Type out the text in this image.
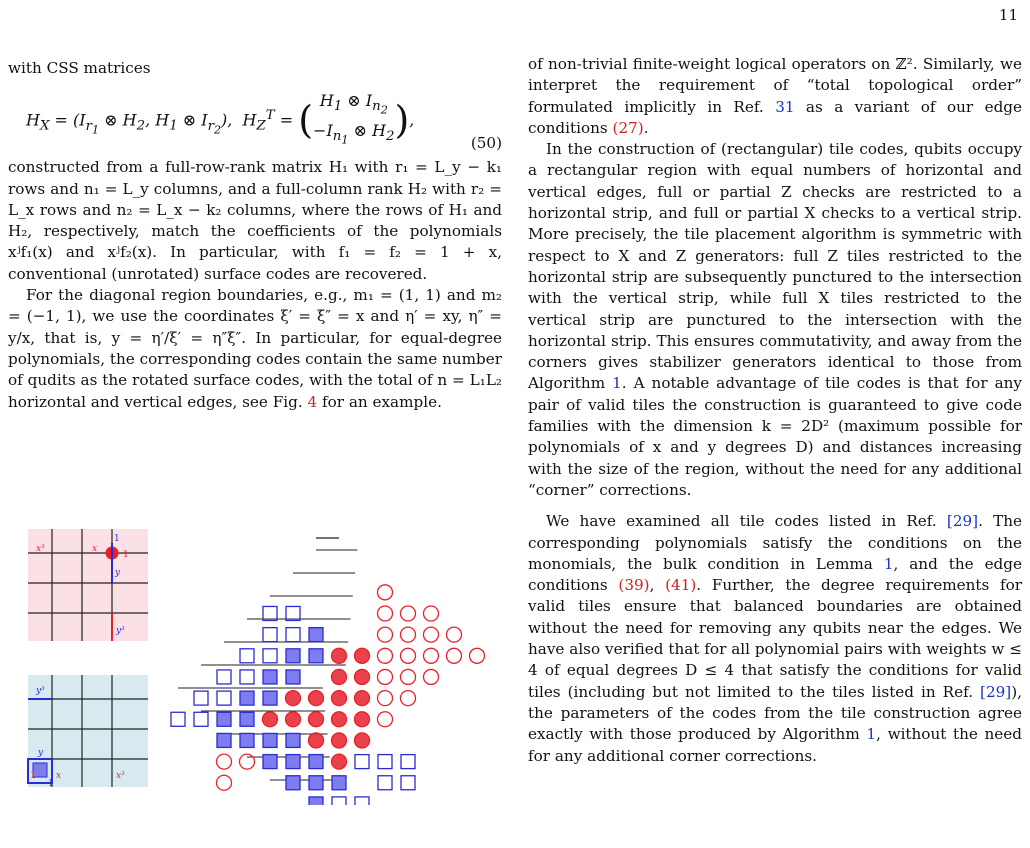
11

with CSS matrices

$H_X = (I_{r_1}$ ⊗ $H_2$, $H_1$ ⊗ $I_{r_2}$),  $H_Z^T$ = ( $H_1$ ⊗ $I_{n_2}$
$-I_{n_1}$ ⊗ $H_2$),
(50)

constructed from a full-row-rank matrix H₁ with r₁ = L_y − k₁ rows and n₁ = L_y columns, and a full-column rank H₂ with r₂ = L_x rows and n₂ = L_x − k₂ columns, where the rows of H₁ and H₂, respectively, match the coefficients of the polynomials xʲf₁(x) and xʲf₂(x). In particular, with f₁ = f₂ = 1 + x, conventional (unrotated) surface codes are recovered.

For the diagonal region boundaries, e.g., m₁ = (1, 1) and m₂ = (−1, 1), we use the coordinates ξ′ = ξ″ = x and η′ = xy, η″ = y/x, that is, y = η′/ξ′ = η″ξ″. In particular, for equal-degree polynomials, the corresponding codes contain the same number of qudits as the rotated surface codes, with the total of n = L₁L₂ horizontal and vertical edges, see Fig. 4 for an example.

x³	x
1
1
y
y³
y³
y
1
1
x	x³

of non-trivial finite-weight logical operators on ℤ². Similarly, we interpret the requirement of “total topological order” formulated implicitly in Ref. 31 as a variant of our edge conditions (27).

In the construction of (rectangular) tile codes, qubits occupy a rectangular region with equal numbers of horizontal and vertical edges, full or partial Z checks are restricted to a horizontal strip, and full or partial X checks to a vertical strip. More precisely, the tile placement algorithm is symmetric with respect to X and Z generators: full Z tiles restricted to the horizontal strip are subsequently punctured to the intersection with the vertical strip, while full X tiles restricted to the vertical strip are punctured to the intersection with the horizontal strip. This ensures commutativity, and away from the corners gives stabilizer generators identical to those from Algorithm 1. A notable advantage of tile codes is that for any pair of valid tiles the construction is guaranteed to give code families with the dimension k = 2D² (maximum possible for polynomials of x and y degrees D) and distances increasing with the size of the region, without the need for any additional “corner” corrections.

We have examined all tile codes listed in Ref. [29]. The corresponding polynomials satisfy the conditions on the monomials, the bulk condition in Lemma 1, and the edge conditions (39), (41). Further, the degree requirements for valid tiles ensure that balanced boundaries are obtained without the need for removing any qubits near the edges. We have also verified that for all polynomial pairs with weights w ≤ 4 of equal degrees D ≤ 4 that satisfy the conditions for valid tiles (including but not limited to the tiles listed in Ref. [29]), the parameters of the codes from the tile construction agree exactly with those produced by Algorithm 1, without the need for any additional corner corrections.
